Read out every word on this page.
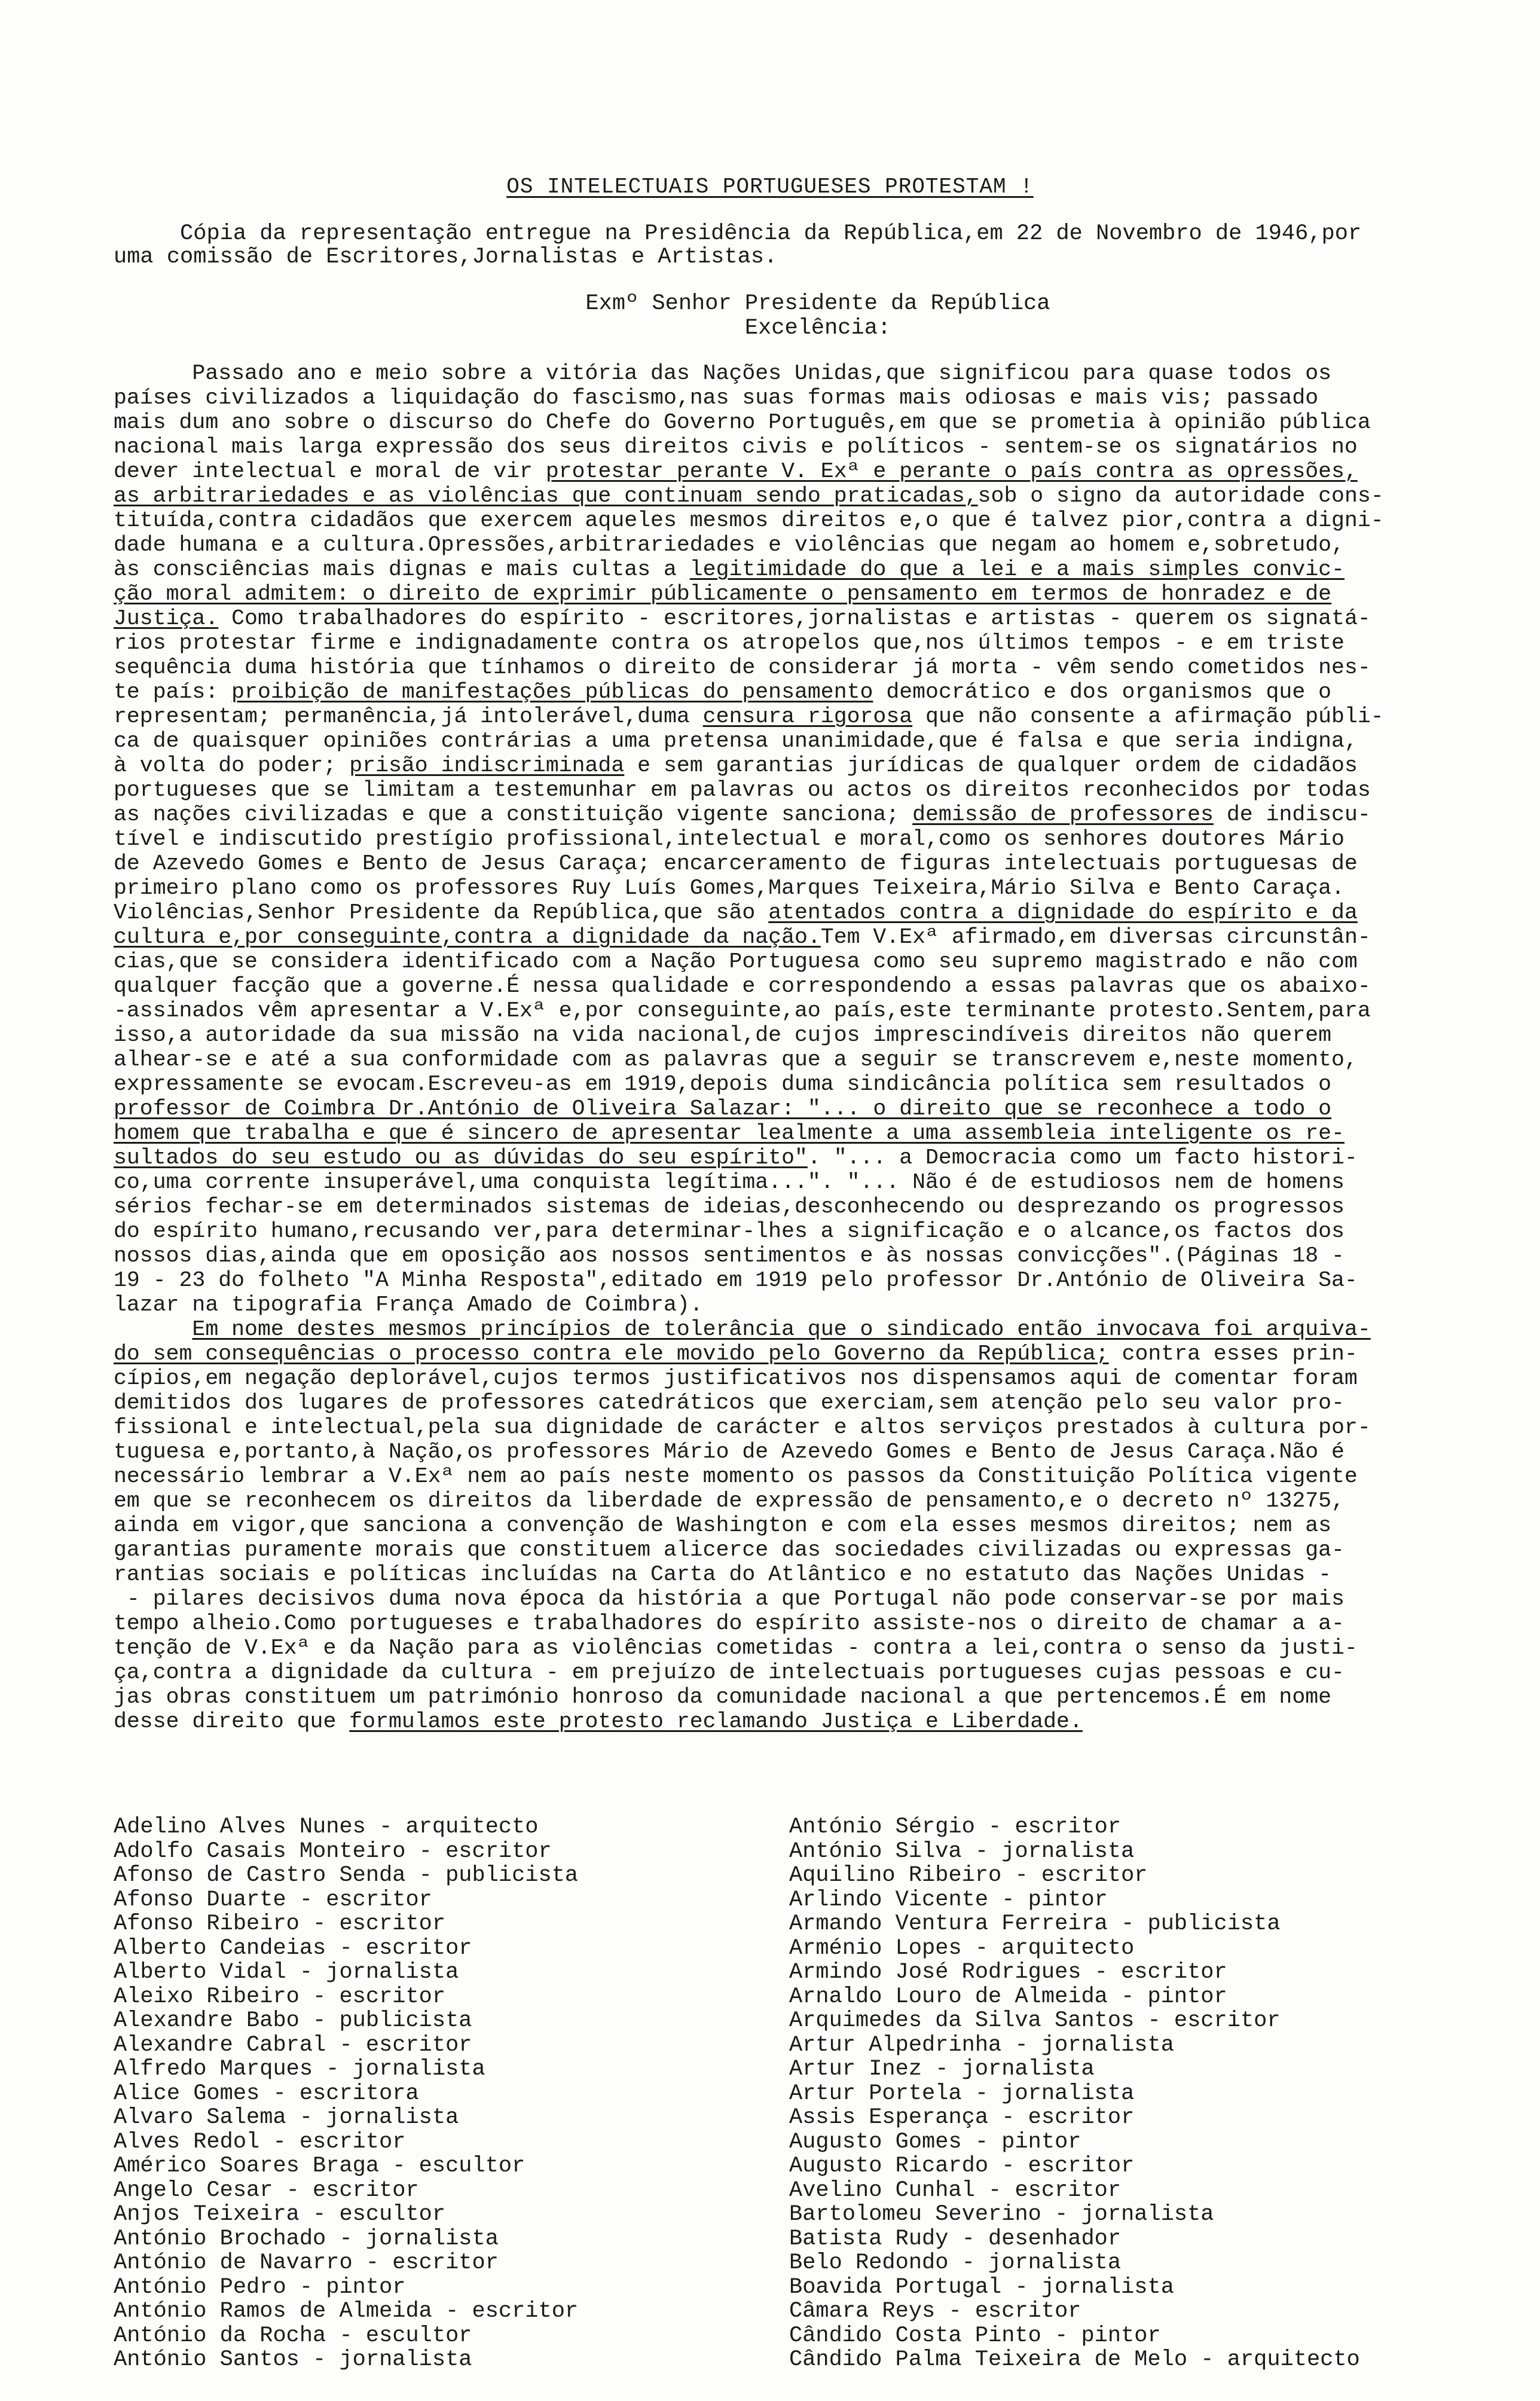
OS INTELECTUAIS PORTUGUESES PROTESTAM !
Cópia da representação entregue na Presidência da República,em 22 de Novembro de 1946,por
uma comissão de Escritores,Jornalistas e Artistas.
Exmº Senhor Presidente da República
Excelência:
Passado ano e meio sobre a vitória das Nações Unidas,que significou para quase todos os
países civilizados a liquidação do fascismo,nas suas formas mais odiosas e mais vis; passado
mais dum ano sobre o discurso do Chefe do Governo Português,em que se prometia à opinião pública
nacional mais larga expressão dos seus direitos civis e políticos - sentem-se os signatários no
dever intelectual e moral de vir protestar perante V. Exª e perante o país contra as opressões,
as arbitrariedades e as violências que continuam sendo praticadas,sob o signo da autoridade cons-
tituída,contra cidadãos que exercem aqueles mesmos direitos e,o que é talvez pior,contra a digni-
dade humana e a cultura.Opressões,arbitrariedades e violências que negam ao homem e,sobretudo,
às consciências mais dignas e mais cultas a legitimidade do que a lei e a mais simples convic-
ção moral admitem: o direito de exprimir públicamente o pensamento em termos de honradez e de
Justiça. Como trabalhadores do espírito - escritores,jornalistas e artistas - querem os signatá-
rios protestar firme e indignadamente contra os atropelos que,nos últimos tempos - e em triste
sequência duma história que tínhamos o direito de considerar já morta - vêm sendo cometidos nes-
te país: proibição de manifestações públicas do pensamento democrático e dos organismos que o
representam; permanência,já intolerável,duma censura rigorosa que não consente a afirmação públi-
ca de quaisquer opiniões contrárias a uma pretensa unanimidade,que é falsa e que seria indigna,
à volta do poder; prisão indiscriminada e sem garantias jurídicas de qualquer ordem de cidadãos
portugueses que se limitam a testemunhar em palavras ou actos os direitos reconhecidos por todas
as nações civilizadas e que a constituição vigente sanciona; demissão de professores de indiscu-
tível e indiscutido prestígio profissional,intelectual e moral,como os senhores doutores Mário
de Azevedo Gomes e Bento de Jesus Caraça; encarceramento de figuras intelectuais portuguesas de
primeiro plano como os professores Ruy Luís Gomes,Marques Teixeira,Mário Silva e Bento Caraça.
Violências,Senhor Presidente da República,que são atentados contra a dignidade do espírito e da
cultura e,por conseguinte,contra a dignidade da nação.Tem V.Exª afirmado,em diversas circunstân-
cias,que se considera identificado com a Nação Portuguesa como seu supremo magistrado e não com
qualquer facção que a governe.É nessa qualidade e correspondendo a essas palavras que os abaixo-
-assinados vêm apresentar a V.Exª e,por conseguinte,ao país,este terminante protesto.Sentem,para
isso,a autoridade da sua missão na vida nacional,de cujos imprescindíveis direitos não querem
alhear-se e até a sua conformidade com as palavras que a seguir se transcrevem e,neste momento,
expressamente se evocam.Escreveu-as em 1919,depois duma sindicância política sem resultados o
professor de Coimbra Dr.António de Oliveira Salazar: "... o direito que se reconhece a todo o
homem que trabalha e que é sincero de apresentar lealmente a uma assembleia inteligente os re-
sultados do seu estudo ou as dúvidas do seu espírito". "... a Democracia como um facto histori-
co,uma corrente insuperável,uma conquista legítima...". "... Não é de estudiosos nem de homens
sérios fechar-se em determinados sistemas de ideias,desconhecendo ou desprezando os progressos
do espírito humano,recusando ver,para determinar-lhes a significação e o alcance,os factos dos
nossos dias,ainda que em oposição aos nossos sentimentos e às nossas convicções".(Páginas 18 -
19 - 23 do folheto "A Minha Resposta",editado em 1919 pelo professor Dr.António de Oliveira Sa-
lazar na tipografia França Amado de Coimbra).
Em nome destes mesmos princípios de tolerância que o sindicado então invocava foi arquiva-
do sem consequências o processo contra ele movido pelo Governo da República; contra esses prin-
cípios,em negação deplorável,cujos termos justificativos nos dispensamos aqui de comentar foram
demitidos dos lugares de professores catedráticos que exerciam,sem atenção pelo seu valor pro-
fissional e intelectual,pela sua dignidade de carácter e altos serviços prestados à cultura por-
tuguesa e,portanto,à Nação,os professores Mário de Azevedo Gomes e Bento de Jesus Caraça.Não é
necessário lembrar a V.Exª nem ao país neste momento os passos da Constituição Política vigente
em que se reconhecem os direitos da liberdade de expressão de pensamento,e o decreto nº 13275,
ainda em vigor,que sanciona a convenção de Washington e com ela esses mesmos direitos; nem as
garantias puramente morais que constituem alicerce das sociedades civilizadas ou expressas ga-
rantias sociais e políticas incluídas na Carta do Atlântico e no estatuto das Nações Unidas -
- pilares decisivos duma nova época da história a que Portugal não pode conservar-se por mais
tempo alheio.Como portugueses e trabalhadores do espírito assiste-nos o direito de chamar a a-
tenção de V.Exª e da Nação para as violências cometidas - contra a lei,contra o senso da justi-
ça,contra a dignidade da cultura - em prejuízo de intelectuais portugueses cujas pessoas e cu-
jas obras constituem um património honroso da comunidade nacional a que pertencemos.É em nome
desse direito que formulamos este protesto reclamando Justiça e Liberdade.
Adelino Alves Nunes - arquitecto
Adolfo Casais Monteiro - escritor
Afonso de Castro Senda - publicista
Afonso Duarte - escritor
Afonso Ribeiro - escritor
Alberto Candeias - escritor
Alberto Vidal - jornalista
Aleixo Ribeiro - escritor
Alexandre Babo - publicista
Alexandre Cabral - escritor
Alfredo Marques - jornalista
Alice Gomes - escritora
Alvaro Salema - jornalista
Alves Redol - escritor
Américo Soares Braga - escultor
Angelo Cesar - escritor
Anjos Teixeira - escultor
António Brochado - jornalista
António de Navarro - escritor
António Pedro - pintor
António Ramos de Almeida - escritor
António da Rocha - escultor
António Santos - jornalista
António Sérgio - escritor
António Silva - jornalista
Aquilino Ribeiro - escritor
Arlindo Vicente - pintor
Armando Ventura Ferreira - publicista
Arménio Lopes - arquitecto
Armindo José Rodrigues - escritor
Arnaldo Louro de Almeida - pintor
Arquimedes da Silva Santos - escritor
Artur Alpedrinha - jornalista
Artur Inez - jornalista
Artur Portela - jornalista
Assis Esperança - escritor
Augusto Gomes - pintor
Augusto Ricardo - escritor
Avelino Cunhal - escritor
Bartolomeu Severino - jornalista
Batista Rudy - desenhador
Belo Redondo - jornalista
Boavida Portugal - jornalista
Câmara Reys - escritor
Cândido Costa Pinto - pintor
Cândido Palma Teixeira de Melo - arquitecto
